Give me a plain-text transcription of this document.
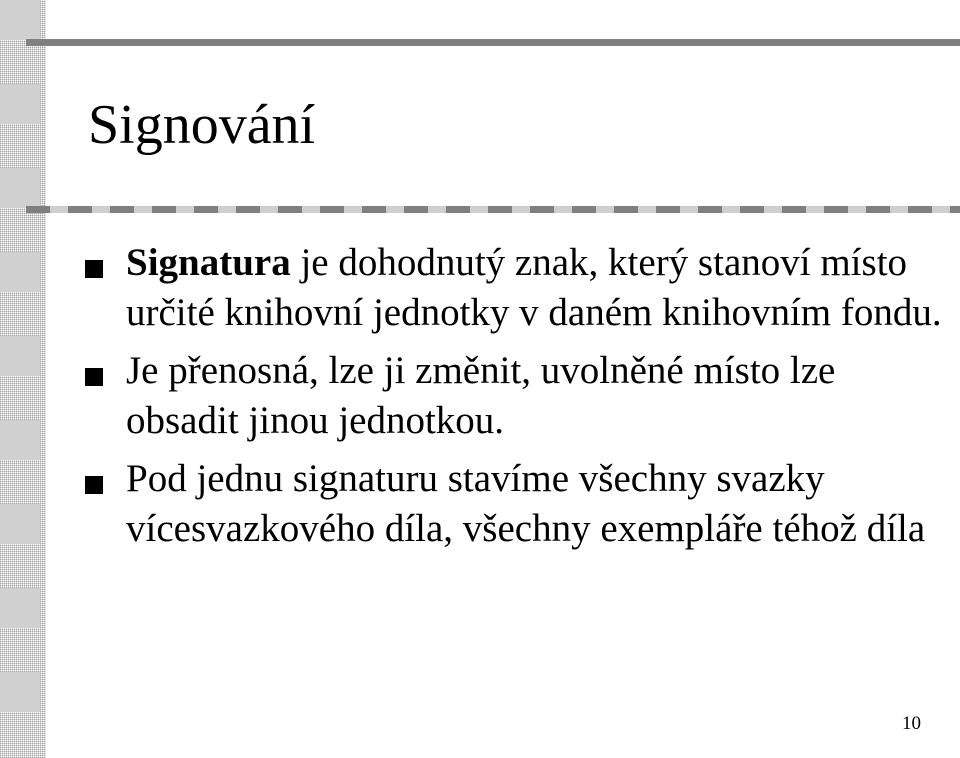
Signování
Signatura je dohodnutý znak, který stanoví místo určité knihovní jednotky v daném knihovním fondu.
Je přenosná, lze ji změnit, uvolněné místo lze obsadit jinou jednotkou.
Pod jednu signaturu stavíme všechny svazky vícesvazkového díla, všechny exempláře téhož díla
10
